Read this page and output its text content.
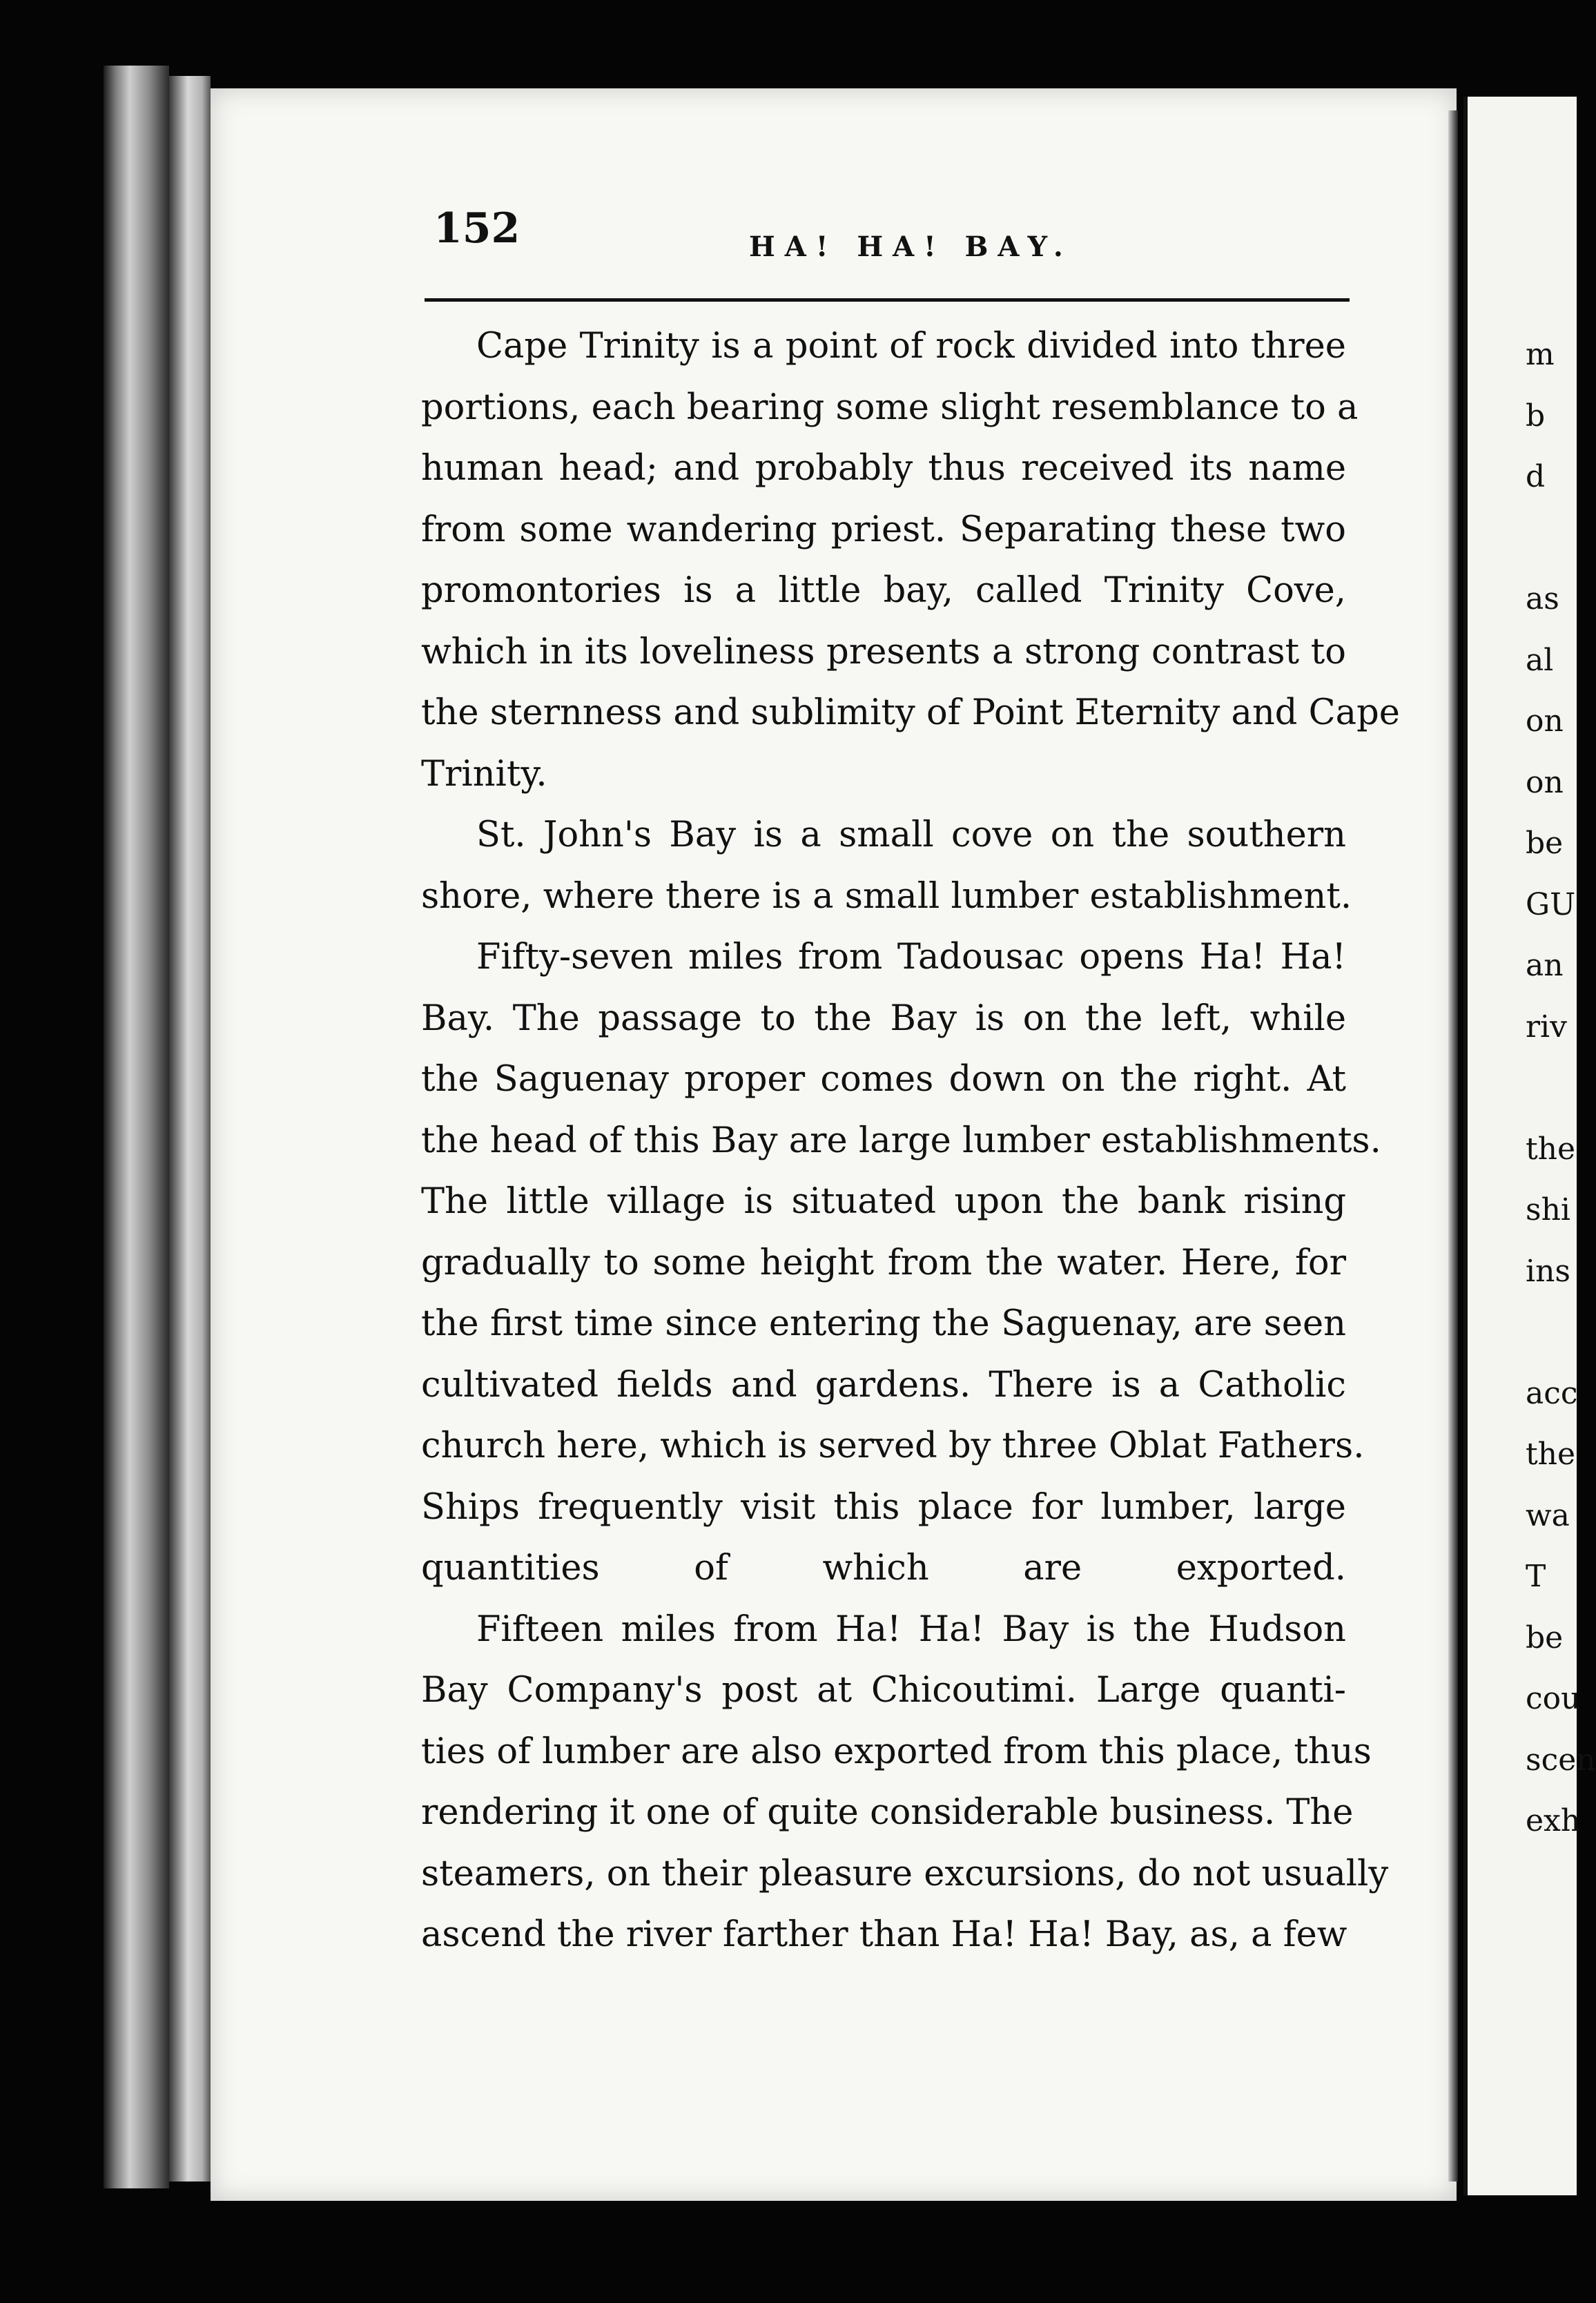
152	HA! HA! BAY.
Cape Trinity is a point of rock divided into three
portions, each bearing some slight resemblance to a
human head; and probably thus received its name
from some wandering priest. Separating these two
promontories is a little bay, called Trinity Cove,
which in its loveliness presents a strong contrast to
the sternness and sublimity of Point Eternity and Cape
Trinity.
St. John's Bay is a small cove on the southern
shore, where there is a small lumber establishment.
Fifty-seven miles from Tadousac opens Ha! Ha!
Bay. The passage to the Bay is on the left, while
the Saguenay proper comes down on the right. At
the head of this Bay are large lumber establishments.
The little village is situated upon the bank rising
gradually to some height from the water. Here, for
the first time since entering the Saguenay, are seen
cultivated fields and gardens. There is a Catholic
church here, which is served by three Oblat Fathers.
Ships frequently visit this place for lumber, large
quantities of which are exported.
Fifteen miles from Ha! Ha! Bay is the Hudson
Bay Company's post at Chicoutimi. Large quanti-
ties of lumber are also exported from this place, thus
rendering it one of quite considerable business. The
steamers, on their pleasure excursions, do not usually
ascend the river farther than Ha! Ha! Bay, as, a few
m
b
d
as
al
on
on
be
GU
an
riv
the
shi
ins
acc
the
wa
T
be
cou
scen
exh
